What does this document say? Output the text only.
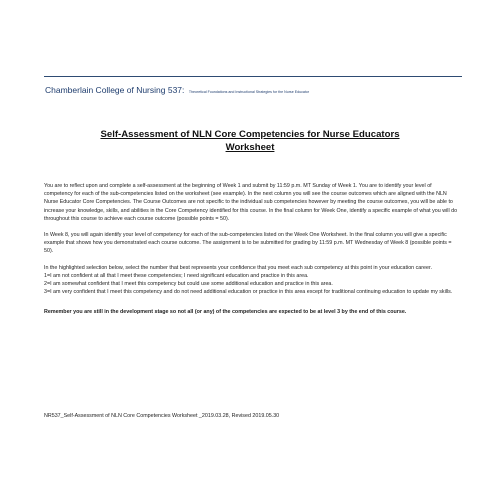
Chamberlain College of Nursing 537: Theoretical Foundations and Instructional Strategies for the Nurse Educator
Self-Assessment of NLN Core Competencies for Nurse Educators
Worksheet

You are to reflect upon and complete a self-assessment at the beginning of Week 1 and submit by 11:59 p.m. MT Sunday of Week 1. You are to identify your level of competency for each of the sub-competencies listed on the worksheet (see example). In the next column you will see the course outcomes which are aligned with the NLN Nurse Educator Core Competencies. The Course Outcomes are not specific to the individual sub competencies however by meeting the course outcomes, you will be able to increase your knowledge, skills, and abilities in the Core Competency identified for this course. In the final column for Week One, identify a specific example of what you will do throughout this course to achieve each course outcome (possible points = 50).

In Week 8, you will again identify your level of competency for each of the sub-competencies listed on the Week One Worksheet. In the final column you will give a specific example that shows how you demonstrated each course outcome. The assignment is to be submitted for grading by 11:59 p.m. MT Wednesday of Week 8 (possible points = 50).

In the highlighted selection below, select the number that best represents your confidence that you meet each sub competency at this point in your education career.
1=I am not confident at all that I meet these competencies; I need significant education and practice in this area.
2=I am somewhat confident that I meet this competency but could use some additional education and practice in this area.
3=I am very confident that I meet this competency and do not need additional education or practice in this area except for traditional continuing education to update my skills.

Remember you are still in the development stage so not all (or any) of the competencies are expected to be at level 3 by the end of this course.

NR537_Self-Assessment of NLN Core Competencies Worksheet _2019.03.28, Revised 2019.05.30
